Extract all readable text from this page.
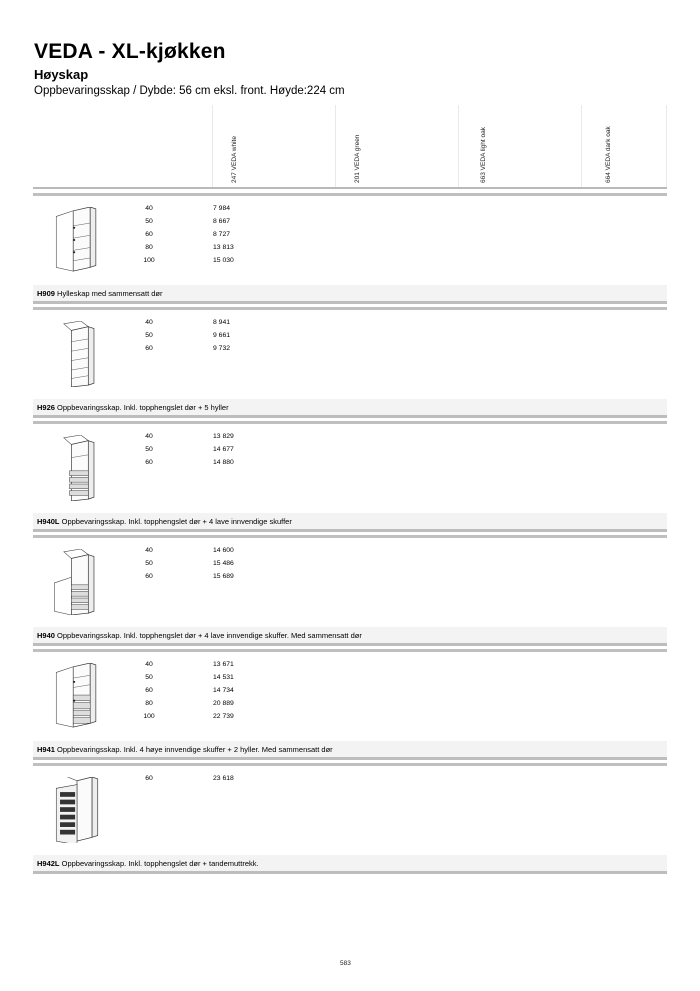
VEDA - XL-kjøkken
Høyskap

Oppbevaringsskap / Dybde: 56 cm eksl. front. Høyde:224 cm

247 VEDA white	201 VEDA green	663 VEDA light oak	664 VEDA dark oak
40	7 984
50	8 667
60	8 727
80	13 813
100	15 030
H909 Hylleskap med sammensatt dør
40	8 941
50	9 661
60	9 732
H926 Oppbevaringsskap. Inkl. topphengslet dør + 5 hyller
40	13 829
50	14 677
60	14 880
H940L Oppbevaringsskap. Inkl. topphengslet dør + 4 lave innvendige skuffer
40	14 600
50	15 486
60	15 689
H940 Oppbevaringsskap. Inkl. topphengslet dør + 4 lave innvendige skuffer. Med sammensatt dør
40	13 671
50	14 531
60	14 734
80	20 889
100	22 739
H941 Oppbevaringsskap. Inkl. 4 høye innvendige skuffer + 2 hyller. Med sammensatt dør
60	23 618
H942L Oppbevaringsskap. Inkl. topphengslet dør + tandemuttrekk.
583
